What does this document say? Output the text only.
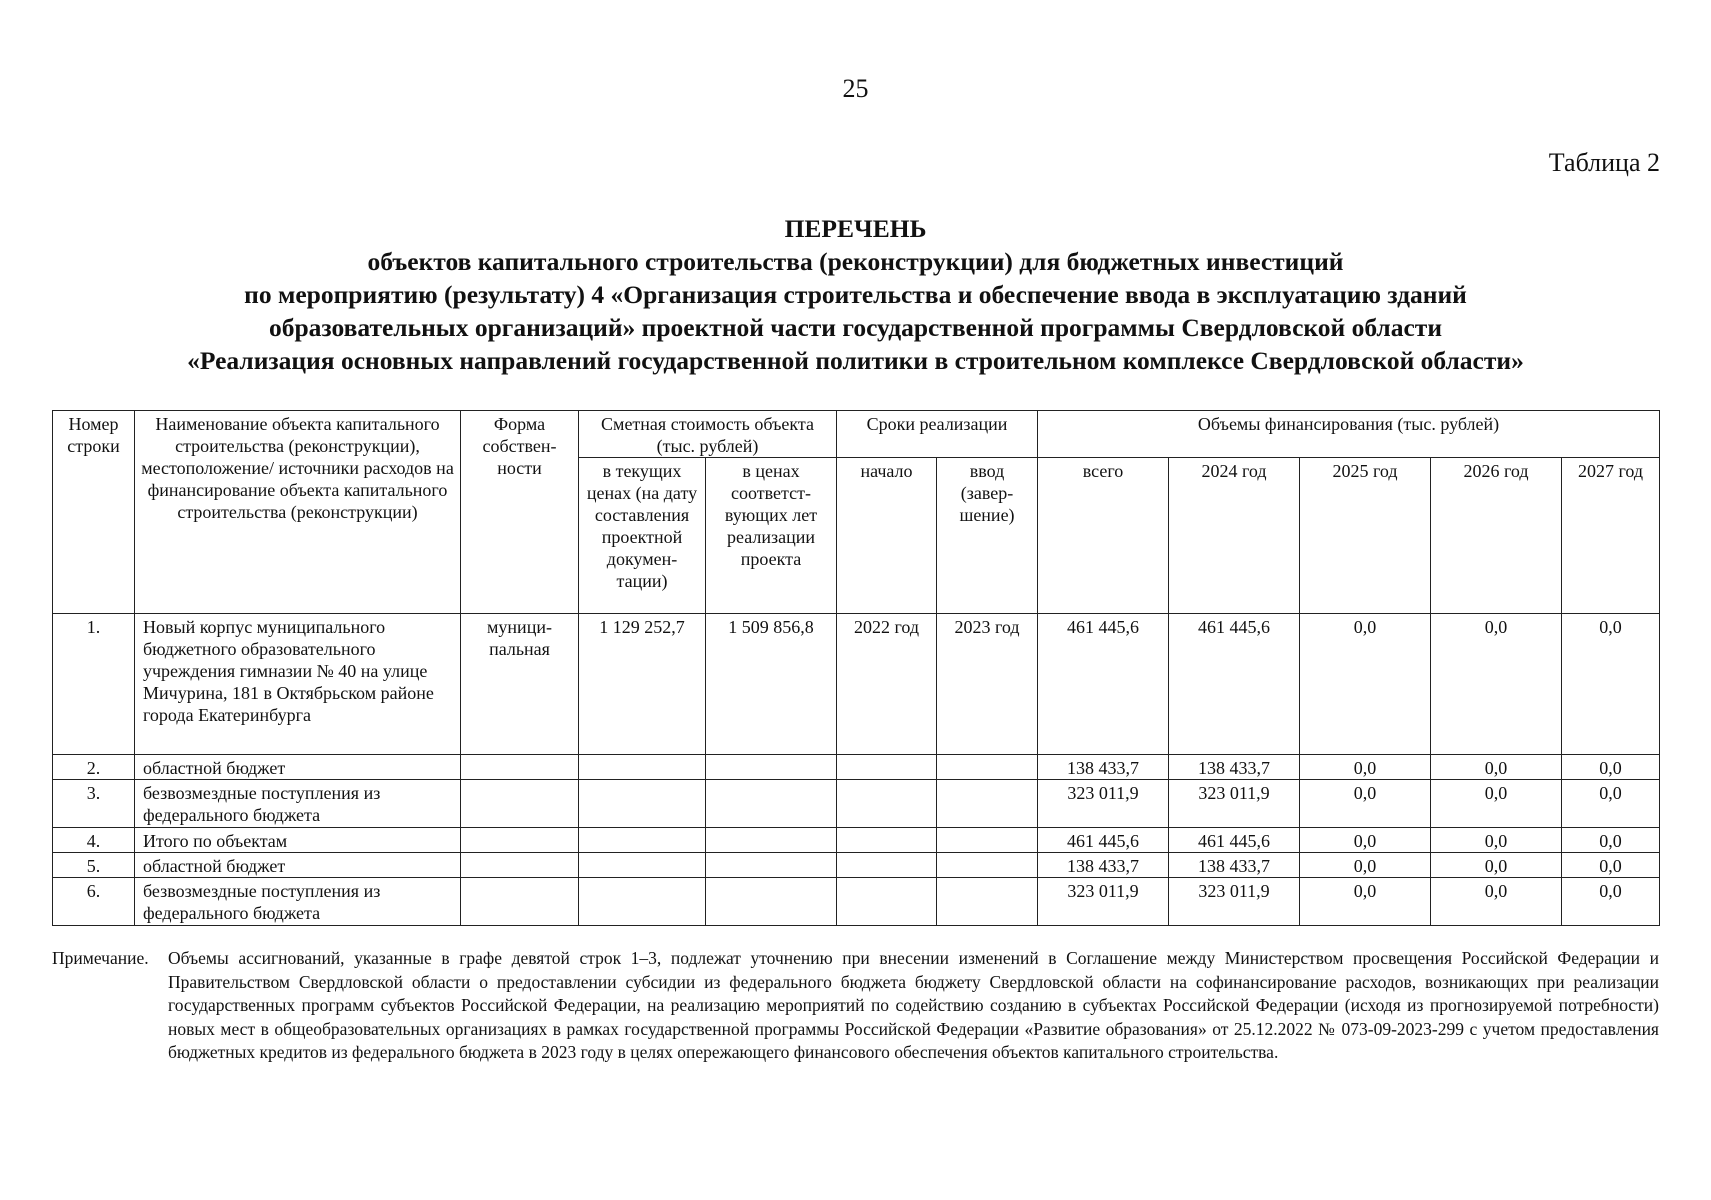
25
Таблица 2
ПЕРЕЧЕНЬ
объектов капитального строительства (реконструкции) для бюджетных инвестиций
по мероприятию (результату) 4 «Организация строительства и обеспечение ввода в эксплуатацию зданий
образовательных организаций» проектной части государственной программы Свердловской области
«Реализация основных направлений государственной политики в строительном комплексе Свердловской области»
Номер строки	Наименование объекта капитального строительства (реконструкции), местоположение/ источники расходов на финансирование объекта капитального строительства (реконструкции)	Форма собствен-ности	Сметная стоимость объекта (тыс. рублей)		Сроки реализации		Объемы финансирования (тыс. рублей)				
			в текущих ценах (на дату составления проектной докумен-тации)	в ценах соответст-вующих лет реализации проекта	начало	ввод (завер-шение)	всего	2024 год	2025 год	2026 год	2027 год
1.	Новый корпус муниципального бюджетного образовательного учреждения гимназии № 40 на улице Мичурина, 181 в Октябрьском районе города Екатеринбурга	муници-пальная	1 129 252,7	1 509 856,8	2022 год	2023 год	461 445,6	461 445,6	0,0	0,0	0,0
2.	областной бюджет						138 433,7	138 433,7	0,0	0,0	0,0
3.	безвозмездные поступления из федерального бюджета						323 011,9	323 011,9	0,0	0,0	0,0
4.	Итого по объектам						461 445,6	461 445,6	0,0	0,0	0,0
5.	областной бюджет						138 433,7	138 433,7	0,0	0,0	0,0
6.	безвозмездные поступления из федерального бюджета						323 011,9	323 011,9	0,0	0,0	0,0
Примечание.	Объемы ассигнований, указанные в графе девятой строк 1–3, подлежат уточнению при внесении изменений в Соглашение между Министерством просвещения Российской Федерации и Правительством Свердловской области о предоставлении субсидии из федерального бюджета бюджету Свердловской области на софинансирование расходов, возникающих при реализации государственных программ субъектов Российской Федерации, на реализацию мероприятий по содействию созданию в субъектах Российской Федерации (исходя из прогнозируемой потребности) новых мест в общеобразовательных организациях в рамках государственной программы Российской Федерации «Развитие образования» от 25.12.2022 № 073-09-2023-299 с учетом предоставления бюджетных кредитов из федерального бюджета в 2023 году в целях опережающего финансового обеспечения объектов капитального строительства.
